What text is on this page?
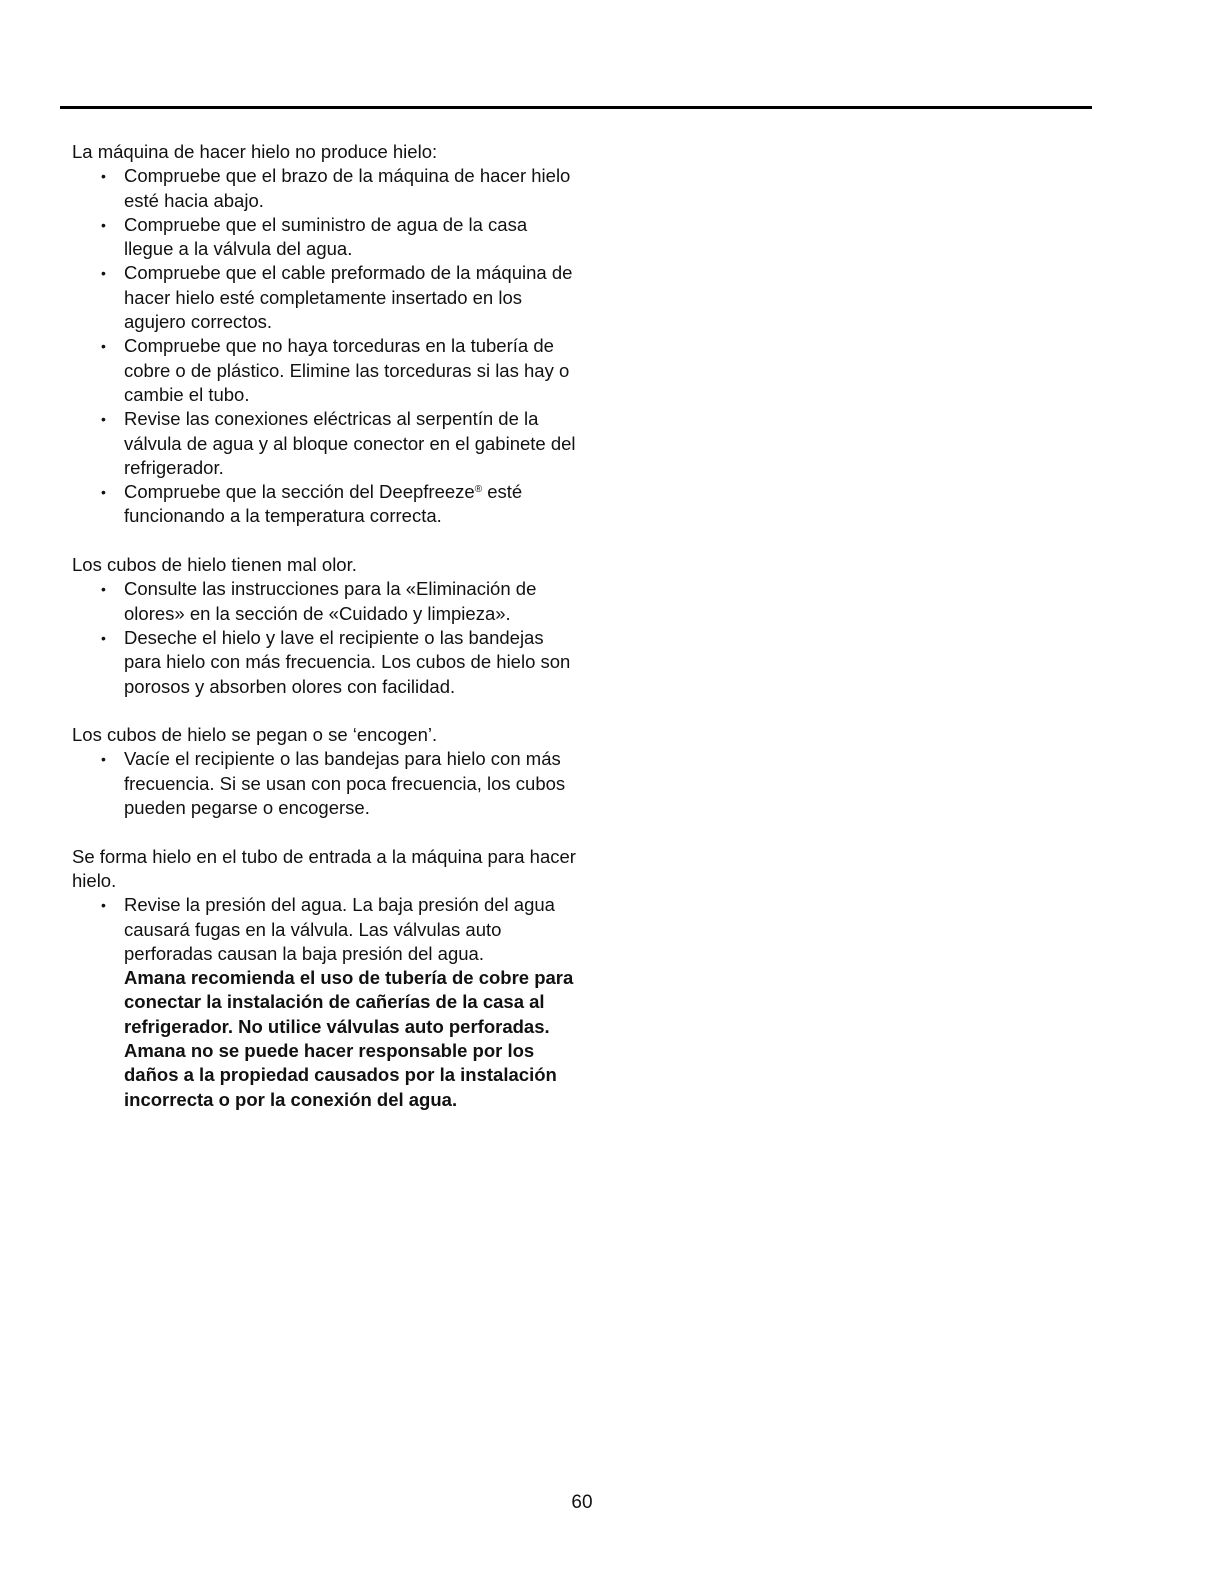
La máquina de hacer hielo no produce hielo:

• Compruebe que el brazo de la máquina de hacer hielo esté hacia abajo.
• Compruebe que el suministro de agua de la casa llegue a la válvula del agua.
• Compruebe que el cable preformado de la máquina de hacer hielo esté completamente insertado en los agujero correctos.
• Compruebe que no haya torceduras en la tubería de cobre o de plástico. Elimine las torceduras si las hay o cambie el tubo.
• Revise las conexiones eléctricas al serpentín de la válvula de agua y al bloque conector en el gabinete del refrigerador.
• Compruebe que la sección del Deepfreeze® esté funcionando a la temperatura correcta.

Los cubos de hielo tienen mal olor.

• Consulte las instrucciones para la «Eliminación de olores» en la sección de «Cuidado y limpieza».
• Deseche el hielo y lave el recipiente o las bandejas para hielo con más frecuencia. Los cubos de hielo son porosos y absorben olores con facilidad.

Los cubos de hielo se pegan o se ‘encogen’.

• Vacíe el recipiente o las bandejas para hielo con más frecuencia. Si se usan con poca frecuencia, los cubos pueden pegarse o encogerse.

Se forma hielo en el tubo de entrada a la máquina para hacer hielo.

• Revise la presión del agua. La baja presión del agua causará fugas en la válvula. Las válvulas auto perforadas causan la baja presión del agua.
Amana recomienda el uso de tubería de cobre para conectar la instalación de cañerías de la casa al refrigerador. No utilice válvulas auto perforadas. Amana no se puede hacer responsable por los daños a la propiedad causados por la instalación incorrecta o por la conexión del agua.
60
